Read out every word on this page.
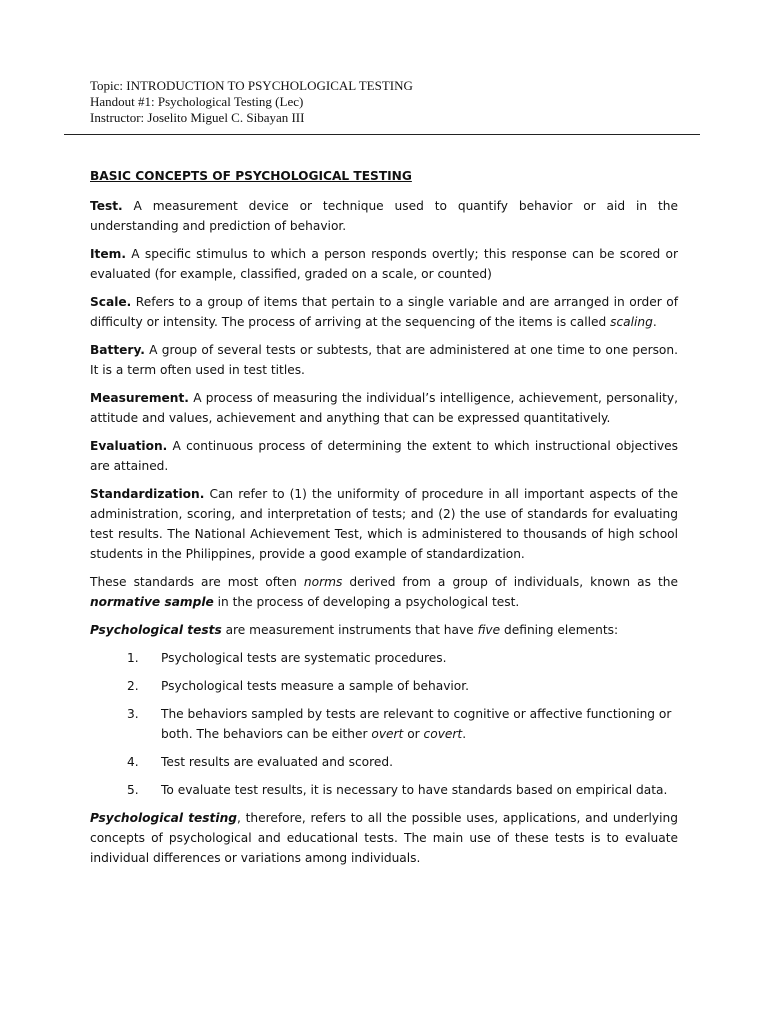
Topic: INTRODUCTION TO PSYCHOLOGICAL TESTING
Handout #1: Psychological Testing (Lec)
Instructor: Joselito Miguel C. Sibayan III

BASIC CONCEPTS OF PSYCHOLOGICAL TESTING

Test. A measurement device or technique used to quantify behavior or aid in the understanding and prediction of behavior.

Item. A specific stimulus to which a person responds overtly; this response can be scored or evaluated (for example, classified, graded on a scale, or counted)

Scale. Refers to a group of items that pertain to a single variable and are arranged in order of difficulty or intensity. The process of arriving at the sequencing of the items is called scaling.

Battery. A group of several tests or subtests, that are administered at one time to one person. It is a term often used in test titles.

Measurement. A process of measuring the individual’s intelligence, achievement, personality, attitude and values, achievement and anything that can be expressed quantitatively.

Evaluation. A continuous process of determining the extent to which instructional objectives are attained.

Standardization. Can refer to (1) the uniformity of procedure in all important aspects of the administration, scoring, and interpretation of tests; and (2) the use of standards for evaluating test results. The National Achievement Test, which is administered to thousands of high school students in the Philippines, provide a good example of standardization.

These standards are most often norms derived from a group of individuals, known as the normative sample in the process of developing a psychological test.

Psychological tests are measurement instruments that have five defining elements:

1.	Psychological tests are systematic procedures.
2.	Psychological tests measure a sample of behavior.
3.	The behaviors sampled by tests are relevant to cognitive or affective functioning or both. The behaviors can be either overt or covert.
4.	Test results are evaluated and scored.
5.	To evaluate test results, it is necessary to have standards based on empirical data.

Psychological testing, therefore, refers to all the possible uses, applications, and underlying concepts of psychological and educational tests. The main use of these tests is to evaluate individual differences or variations among individuals.
